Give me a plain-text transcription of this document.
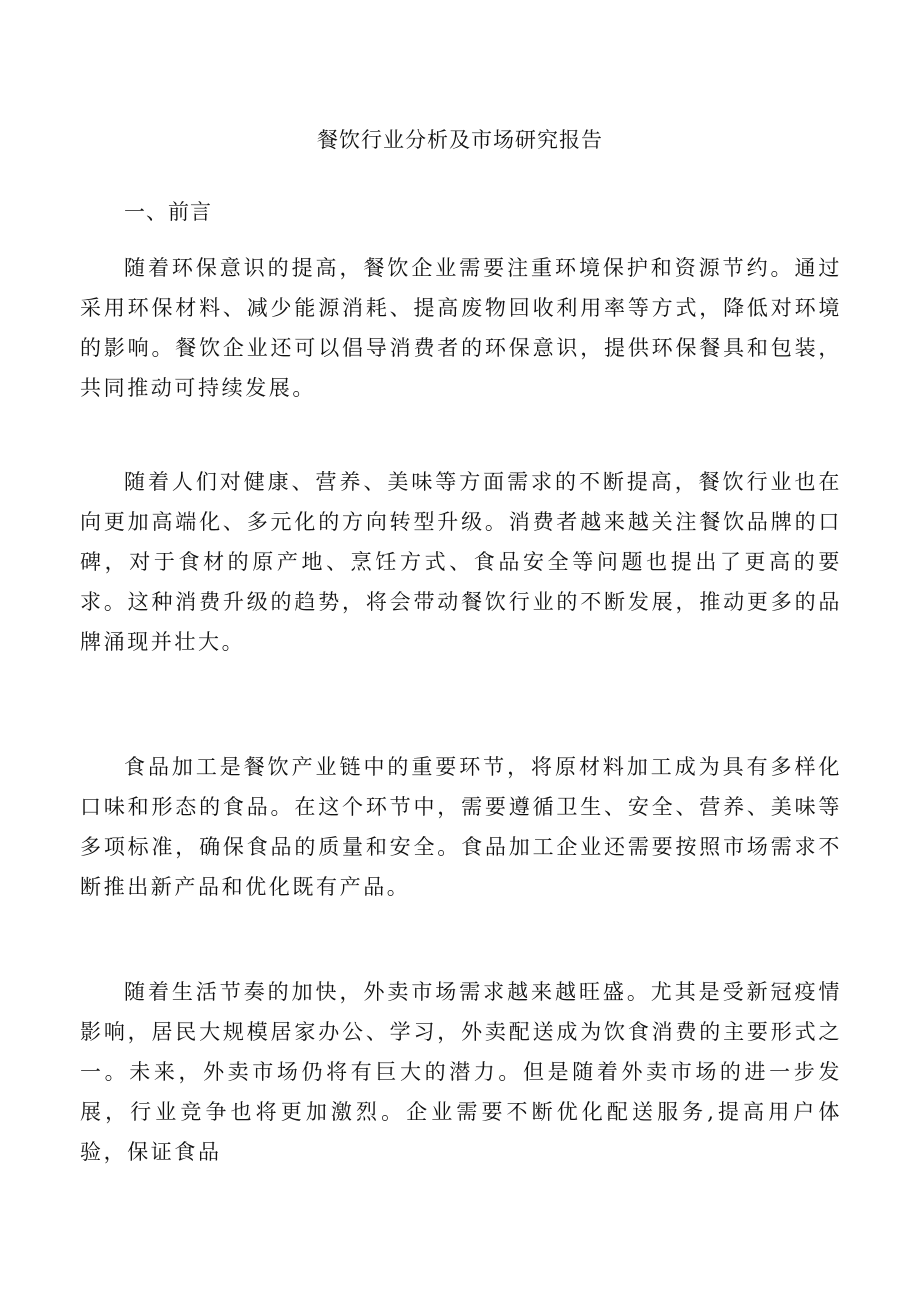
餐饮行业分析及市场研究报告
一、前言

随着环保意识的提高，餐饮企业需要注重环境保护和资源节约。通过采用环保材料、减少能源消耗、提高废物回收利用率等方式，降低对环境的影响。餐饮企业还可以倡导消费者的环保意识，提供环保餐具和包装，共同推动可持续发展。

随着人们对健康、营养、美味等方面需求的不断提高，餐饮行业也在向更加高端化、多元化的方向转型升级。消费者越来越关注餐饮品牌的口碑，对于食材的原产地、烹饪方式、食品安全等问题也提出了更高的要求。这种消费升级的趋势，将会带动餐饮行业的不断发展，推动更多的品牌涌现并壮大。

食品加工是餐饮产业链中的重要环节，将原材料加工成为具有多样化口味和形态的食品。在这个环节中，需要遵循卫生、安全、营养、美味等多项标准，确保食品的质量和安全。食品加工企业还需要按照市场需求不断推出新产品和优化既有产品。

随着生活节奏的加快，外卖市场需求越来越旺盛。尤其是受新冠疫情影响，居民大规模居家办公、学习，外卖配送成为饮食消费的主要形式之一。未来，外卖市场仍将有巨大的潜力。但是随着外卖市场的进一步发展，行业竞争也将更加激烈。企业需要不断优化配送服务,提高用户体验，保证食品
